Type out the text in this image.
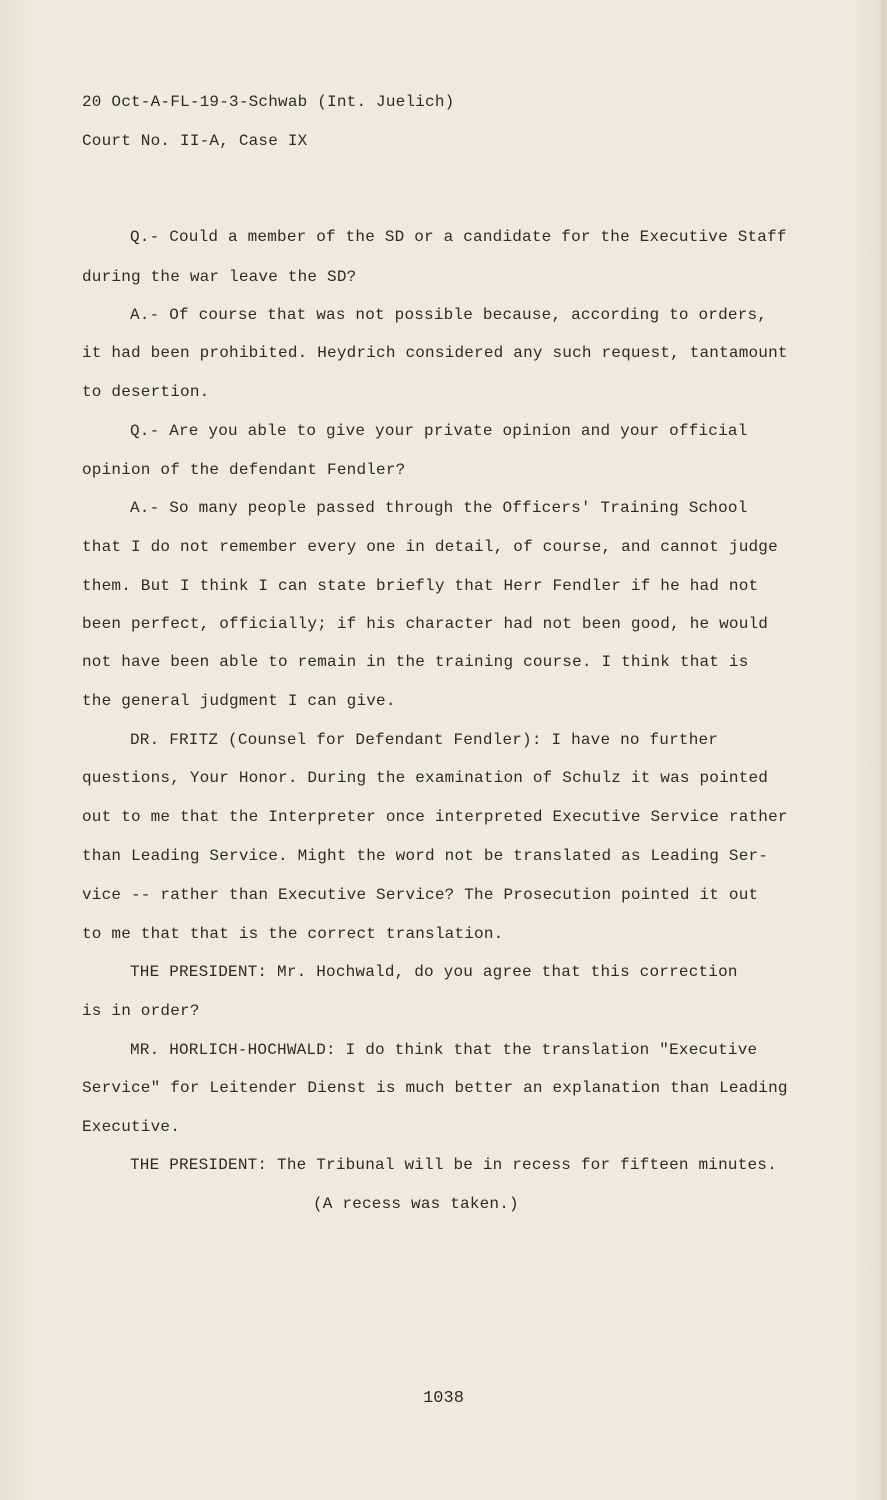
20 Oct-A-FL-19-3-Schwab (Int. Juelich)
Court No. II-A, Case IX
Q.- Could a member of the SD or a candidate for the Executive Staff
during the war leave the SD?
A.- Of course that was not possible because, according to orders,
it had been prohibited. Heydrich considered any such request, tantamount
to desertion.
Q.- Are you able to give your private opinion and your official
opinion of the defendant Fendler?
A.- So many people passed through the Officers' Training School
that I do not remember every one in detail, of course, and cannot judge
them. But I think I can state briefly that Herr Fendler if he had not
been perfect, officially; if his character had not been good, he would
not have been able to remain in the training course. I think that is
the general judgment I can give.
DR. FRITZ (Counsel for Defendant Fendler): I have no further
questions, Your Honor. During the examination of Schulz it was pointed
out to me that the Interpreter once interpreted Executive Service rather
than Leading Service. Might the word not be translated as Leading Ser-
vice -- rather than Executive Service? The Prosecution pointed it out
to me that that is the correct translation.
THE PRESIDENT: Mr. Hochwald, do you agree that this correction
is in order?
MR. HORLICH-HOCHWALD: I do think that the translation "Executive
Service" for Leitender Dienst is much better an explanation than Leading
Executive.
THE PRESIDENT: The Tribunal will be in recess for fifteen minutes.
(A recess was taken.)
1038
